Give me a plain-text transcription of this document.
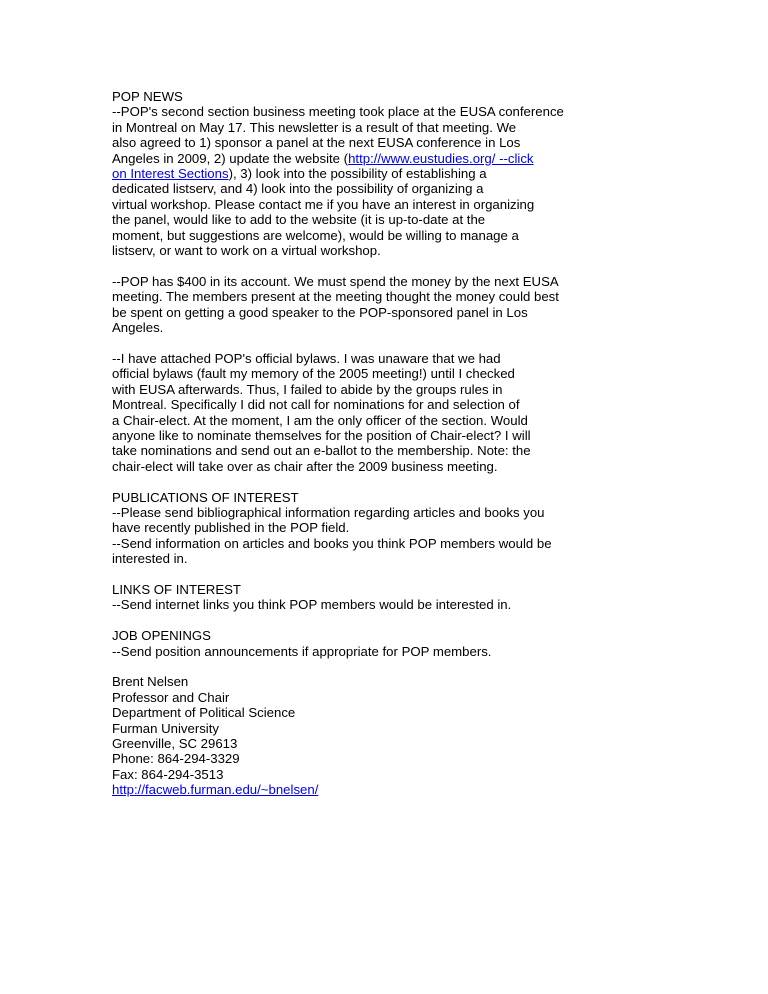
POP NEWS
--POP's second section business meeting took place at the EUSA conference
in Montreal on May 17. This newsletter is a result of that meeting. We
also agreed to 1) sponsor a panel at the next EUSA conference in Los
Angeles in 2009, 2) update the website (http://www.eustudies.org/ --click
on Interest Sections), 3) look into the possibility of establishing a
dedicated listserv, and 4) look into the possibility of organizing a
virtual workshop. Please contact me if you have an interest in organizing
the panel, would like to add to the website (it is up-to-date at the
moment, but suggestions are welcome), would be willing to manage a
listserv, or want to work on a virtual workshop.
--POP has $400 in its account. We must spend the money by the next EUSA
meeting. The members present at the meeting thought the money could best
be spent on getting a good speaker to the POP-sponsored panel in Los
Angeles.
--I have attached POP's official bylaws. I was unaware that we had
official bylaws (fault my memory of the 2005 meeting!) until I checked
with EUSA afterwards. Thus, I failed to abide by the groups rules in
Montreal. Specifically I did not call for nominations for and selection of
a Chair-elect. At the moment, I am the only officer of the section. Would
anyone like to nominate themselves for the position of Chair-elect? I will
take nominations and send out an e-ballot to the membership. Note: the
chair-elect will take over as chair after the 2009 business meeting.
PUBLICATIONS OF INTEREST
--Please send bibliographical information regarding articles and books you
have recently published in the POP field.
--Send information on articles and books you think POP members would be
interested in.
LINKS OF INTEREST
--Send internet links you think POP members would be interested in.
JOB OPENINGS
--Send position announcements if appropriate for POP members.
Brent Nelsen
Professor and Chair
Department of Political Science
Furman University
Greenville, SC 29613
Phone: 864-294-3329
Fax: 864-294-3513
http://facweb.furman.edu/~bnelsen/
